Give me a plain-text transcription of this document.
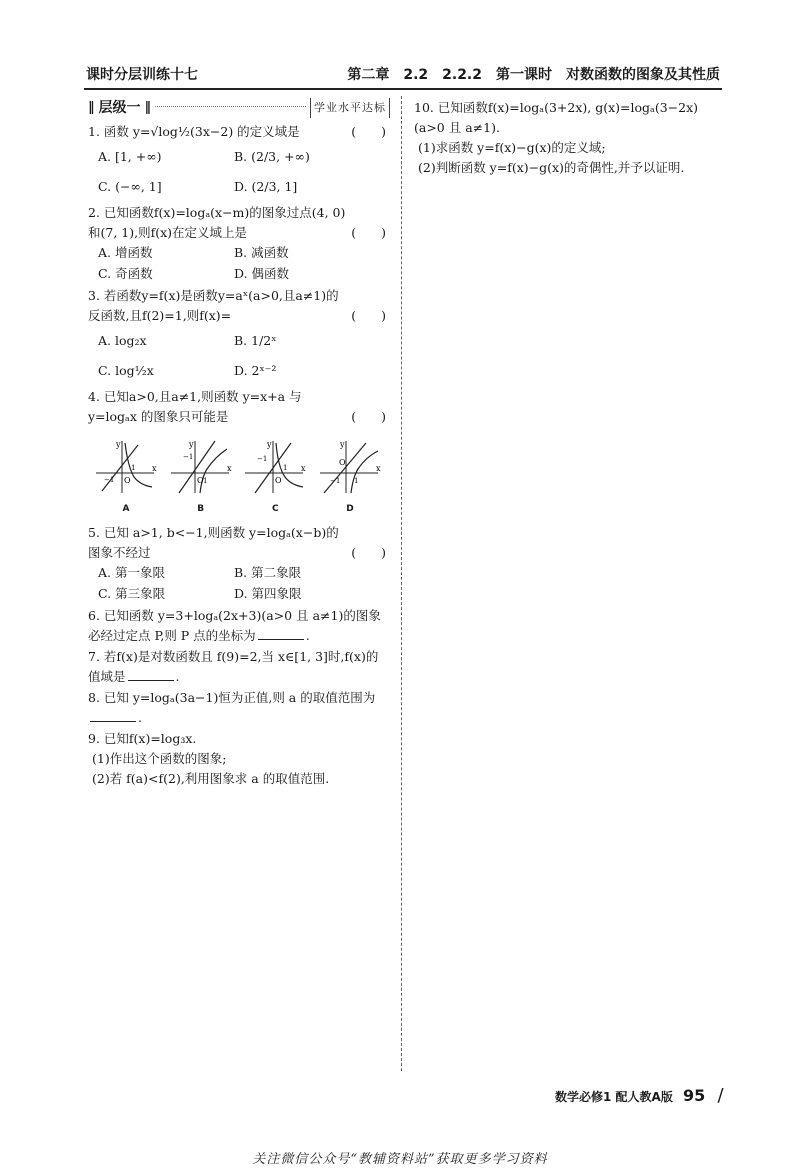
课时分层训练十七	第二章　2.2　2.2.2　第一课时　对数函数的图象及其性质
‖ 层级一 ‖	学业水平达标
1. 函数 y=√log½(3x−2) 的定义域是	(　　)
A. [1, +∞)	B. (2/3, +∞)
C. (−∞, 1]	D. (2/3, 1]
2. 已知函数f(x)=logₐ(x−m)的图象过点(4, 0)和(7, 1),则f(x)在定义域上是	(　　)
A. 增函数	B. 减函数
C. 奇函数	D. 偶函数
3. 若函数y=f(x)是函数y=aˣ(a>0,且a≠1)的反函数,且f(2)=1,则f(x)=	(　　)
A. log₂x	B. 1/2ˣ
C. log½x	D. 2ˣ⁻²
4. 已知a>0,且a≠1,则函数 y=x+a 与 y=logₐx 的图象只可能是	(　　)
y
x
O
−1
1
A
y
x
O
−1
1
B
y
x
O
−1
1
C
y
x
O
−1 1
D
5. 已知 a>1, b<−1,则函数 y=logₐ(x−b)的图象不经过	(　　)
A. 第一象限	B. 第二象限
C. 第三象限	D. 第四象限
6. 已知函数 y=3+logₐ(2x+3)(a>0 且 a≠1)的图象必经过定点 P,则 P 点的坐标为	.
7. 若f(x)是对数函数且 f(9)=2,当 x∈[1, 3]时,f(x)的值域是	.
8. 已知 y=logₐ(3a−1)恒为正值,则 a 的取值范围为.
9. 已知f(x)=log₃x.
(1)作出这个函数的图象;
(2)若 f(a)<f(2),利用图象求 a 的取值范围.
10. 已知函数f(x)=logₐ(3+2x), g(x)=logₐ(3−2x)(a>0 且 a≠1).
(1)求函数 y=f(x)−g(x)的定义域;
(2)判断函数 y=f(x)−g(x)的奇偶性,并予以证明.
数学必修1 配人教A版 95 /
关注微信公众号“教辅资料站”获取更多学习资料
